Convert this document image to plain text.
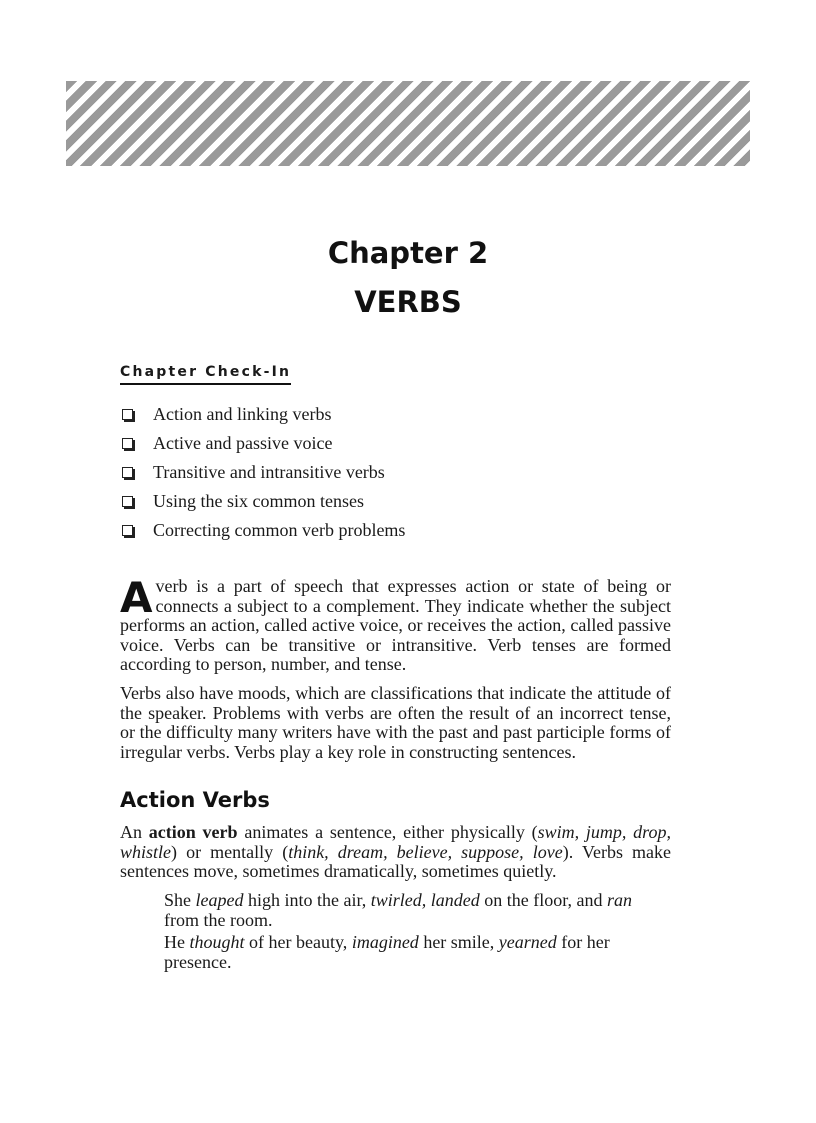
Chapter 2
VERBS
Chapter Check-In
Action and linking verbs
Active and passive voice
Transitive and intransitive verbs
Using the six common tenses
Correcting common verb problems

A verb is a part of speech that expresses action or state of being or connects a subject to a complement. They indicate whether the subject performs an action, called active voice, or receives the action, called passive voice. Verbs can be transitive or intransitive. Verb tenses are formed according to person, number, and tense.

Verbs also have moods, which are classifications that indicate the attitude of the speaker. Problems with verbs are often the result of an incorrect tense, or the difficulty many writers have with the past and past participle forms of irregular verbs. Verbs play a key role in constructing sentences.

Action Verbs

An action verb animates a sentence, either physically (swim, jump, drop, whistle) or mentally (think, dream, believe, suppose, love). Verbs make sentences move, sometimes dramatically, sometimes quietly.

She leaped high into the air, twirled, landed on the floor, and ran from the room.
He thought of her beauty, imagined her smile, yearned for her presence.
